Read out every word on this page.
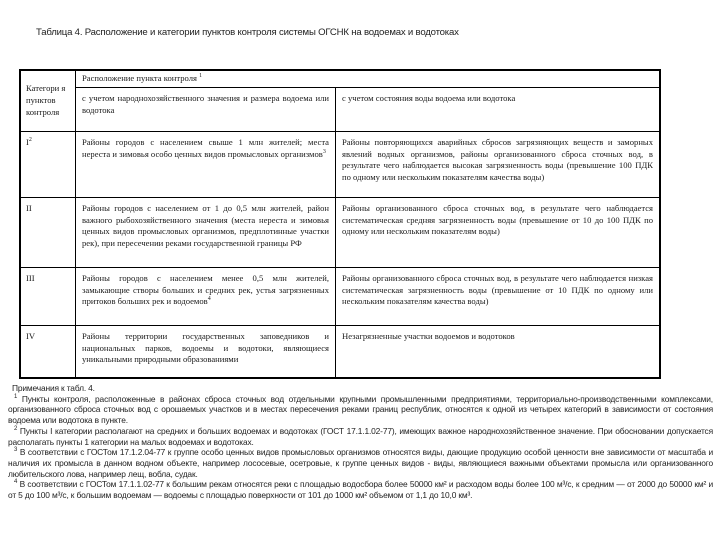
Таблица 4. Расположение и категории пунктов контроля системы ОГСНК на водоемах и водотоках
Категори я пунктов контроля	Расположение пункта контроля $^1$
	с учетом народнохозяйственного значения и размера водоема или водотока	с учетом состояния воды водоема или водотока
$I^2$	Районы городов с населением свыше 1 млн жителей; места нереста и зимовья особо ценных видов промысловых организмов$^3$	Районы повторяющихся аварийных сбросов загрязняющих веществ и заморных явлений водных организмов, районы организованного сброса сточных вод, в результате чего наблюдается высокая загрязненность воды (превышение 100 ПДК по одному или нескольким показателям качества воды)
II	Районы городов с населением от 1 до 0,5 млн жителей, район важного рыбохозяйственного значения (места нереста и зимовья ценных видов промысловых организмов, предплотинные участки рек), при пересечении реками государственной границы РФ	Районы организованного сброса сточных вод, в результате чего наблюдается систематическая средняя загрязненность воды (превышение от 10 до 100 ПДК по одному или нескольким показателям воды)
III	Районы городов с населением менее 0,5 млн жителей, замыкающие створы больших и средних рек, устья загрязненных притоков больших рек и водоемов$^4$	Районы организованного сброса сточных вод, в результате чего наблюдается низкая систематическая загрязненность воды (превышение от 10 ПДК по одному или нескольким показателям качества воды)
IV	Районы территории государственных заповедников и национальных парков, водоемы и водотоки, являющиеся уникальными природными образованиями	Незагрязненные участки водоемов и водотоков

Примечания к табл. 4.

$^1$ Пункты контроля, расположенные в районах сброса сточных вод отдельными крупными промышленными предприятиями, территориально-производственными комплексами, организованного сброса сточных вод с орошаемых участков и в местах пересечения реками границ республик, относятся к одной из четырех категорий в зависимости от состояния водоема или водотока в пункте.

$^2$ Пункты I категории располагают на средних и больших водоемах и водотоках (ГОСТ 17.1.1.02-77), имеющих важное народнохозяйственное значение. При обосновании допускается располагать пункты 1 категории на малых водоемах и водотоках.

$^3$ В соответствии с ГОСТом 17.1.2.04-77 к группе особо ценных видов промысловых организмов относятся виды, дающие продукцию особой ценности вне зависимости от масштаба и наличия их промысла в данном водном объекте, например лососевые, осетровые, к группе ценных видов - виды, являющиеся важными объектами промысла или организованного любительского лова, например лещ, вобла, судак.

$^4$ В соответствии с ГОСТом 17.1.1.02-77 к большим рекам относятся реки с площадью водосбора более 50000 км² и расходом воды более 100 м³/с, к средним — от 2000 до 50000 км² и от 5 до 100 м³/с, к большим водоемам — водоемы с площадью поверхности от 101 до 1000 км² объемом от 1,1 до 10,0 км³.
